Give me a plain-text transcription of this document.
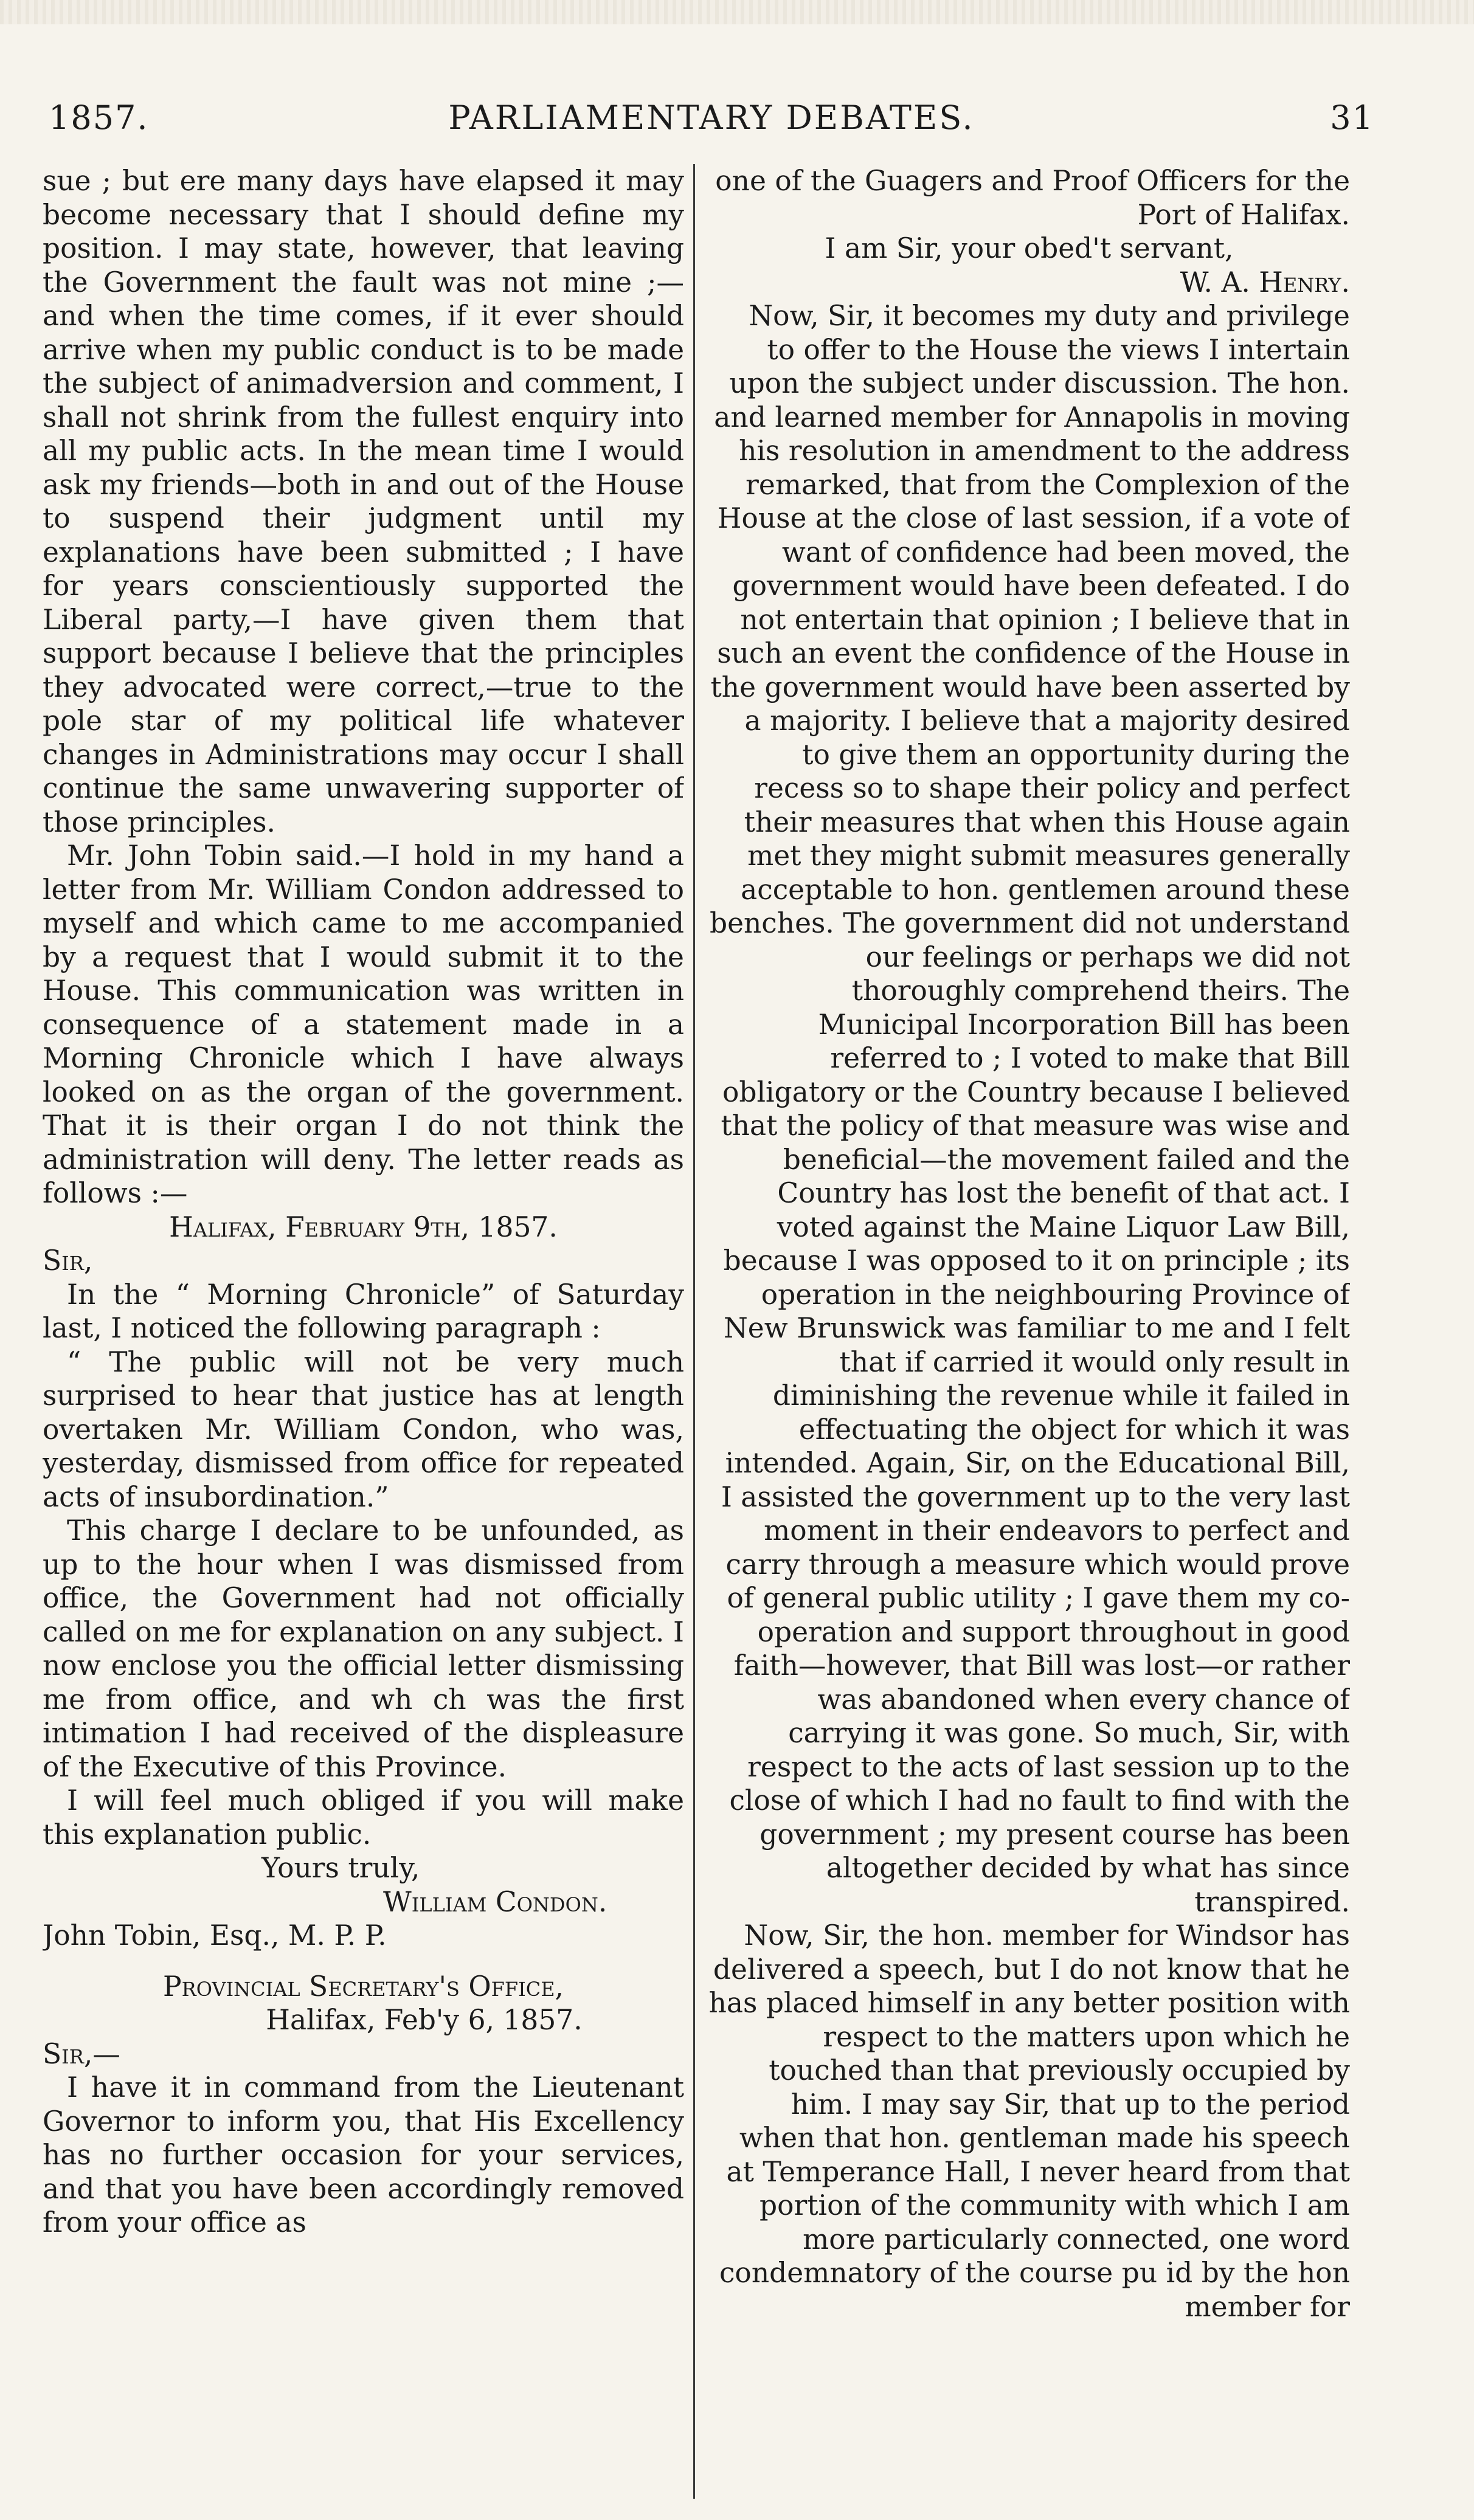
1857.	PARLIAMENTARY DEBATES.	31

sue ; but ere many days have elapsed it may become necessary that I should define my position. I may state, however, that leaving the Government the fault was not mine ;—and when the time comes, if it ever should arrive when my public conduct is to be made the subject of animadversion and comment, I shall not shrink from the fullest enquiry into all my public acts. In the mean time I would ask my friends—both in and out of the House to suspend their judgment until my explanations have been submitted ; I have for years conscientiously supported the Liberal party,—I have given them that support because I believe that the principles they advocated were correct,—true to the pole star of my political life whatever changes in Administrations may occur I shall continue the same unwavering supporter of those principles.

Mr. John Tobin said.—I hold in my hand a letter from Mr. William Condon addressed to myself and which came to me accompanied by a request that I would submit it to the House. This communication was written in consequence of a statement made in a Morning Chronicle which I have always looked on as the organ of the government. That it is their organ I do not think the administration will deny. The letter reads as follows :—

Halifax, February 9th, 1857.

Sir,

In the “ Morning Chronicle” of Saturday last, I noticed the following paragraph :

“ The public will not be very much surprised to hear that justice has at length overtaken Mr. William Condon, who was, yesterday, dismissed from office for repeated acts of insubordination.”

This charge I declare to be unfounded, as up to the hour when I was dismissed from office, the Government had not officially called on me for explanation on any subject. I now enclose you the official letter dismissing me from office, and wh ch was the first intimation I had received of the displeasure of the Executive of this Province.

I will feel much obliged if you will make this explanation public.

Yours truly,

William Condon.

John Tobin, Esq., M. P. P.

Provincial Secretary's Office,

Halifax, Feb'y 6, 1857.

Sir,—

I have it in command from the Lieutenant Governor to inform you, that His Excellency has no further occasion for your services, and that you have been accordingly removed from your office as

one of the Guagers and Proof Officers for the Port of Halifax.

I am Sir, your obed't servant,

W. A. Henry.

Now, Sir, it becomes my duty and privilege to offer to the House the views I intertain upon the subject under discussion. The hon. and learned member for Annapolis in moving his resolution in amendment to the address remarked, that from the Complexion of the House at the close of last session, if a vote of want of confidence had been moved, the government would have been defeated. I do not entertain that opinion ; I believe that in such an event the confidence of the House in the government would have been asserted by a majority. I believe that a majority desired to give them an opportunity during the recess so to shape their policy and perfect their measures that when this House again met they might submit measures generally acceptable to hon. gentlemen around these benches. The government did not understand our feelings or perhaps we did not thoroughly comprehend theirs. The Municipal Incorporation Bill has been referred to ; I voted to make that Bill obligatory or the Country because I believed that the policy of that measure was wise and beneficial—the movement failed and the Country has lost the benefit of that act. I voted against the Maine Liquor Law Bill, because I was opposed to it on principle ; its operation in the neighbouring Province of New Brunswick was familiar to me and I felt that if carried it would only result in diminishing the revenue while it failed in effectuating the object for which it was intended. Again, Sir, on the Educational Bill, I assisted the government up to the very last moment in their endeavors to perfect and carry through a measure which would prove of general public utility ; I gave them my co-operation and support throughout in good faith—however, that Bill was lost—or rather was abandoned when every chance of carrying it was gone. So much, Sir, with respect to the acts of last session up to the close of which I had no fault to find with the government ; my present course has been altogether decided by what has since transpired.

Now, Sir, the hon. member for Windsor has delivered a speech, but I do not know that he has placed himself in any better position with respect to the matters upon which he touched than that previously occupied by him. I may say Sir, that up to the period when that hon. gentleman made his speech at Temperance Hall, I never heard from that portion of the community with which I am more particularly connected, one word condemnatory of the course pu id by the hon member for
